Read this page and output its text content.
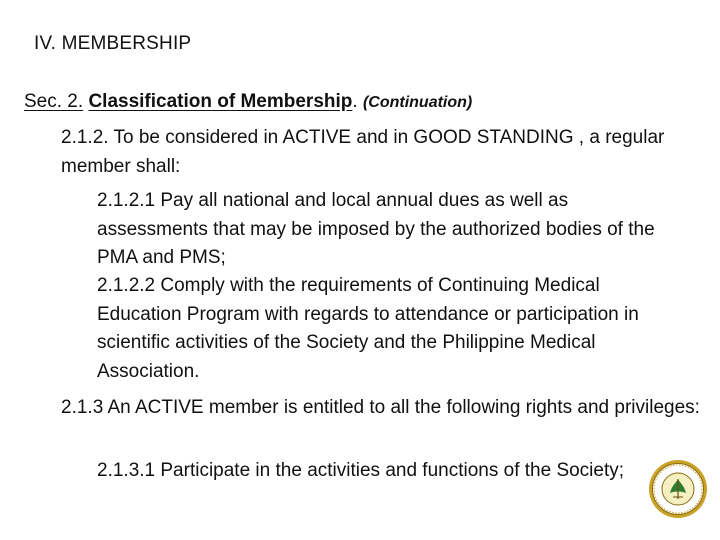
IV. MEMBERSHIP
Sec. 2. Classification of Membership. (Continuation)
2.1.2. To be considered in ACTIVE and in GOOD STANDING , a regular member shall:
2.1.2.1 Pay all national and local annual dues as well as assessments that may be imposed by the authorized bodies of the PMA and PMS;
2.1.2.2 Comply with the requirements of Continuing Medical Education Program with regards to attendance or participation in scientific activities of the Society and the Philippine Medical Association.
2.1.3 An ACTIVE member is entitled to all the following rights and privileges:
2.1.3.1 Participate in the activities and functions of the Society;
